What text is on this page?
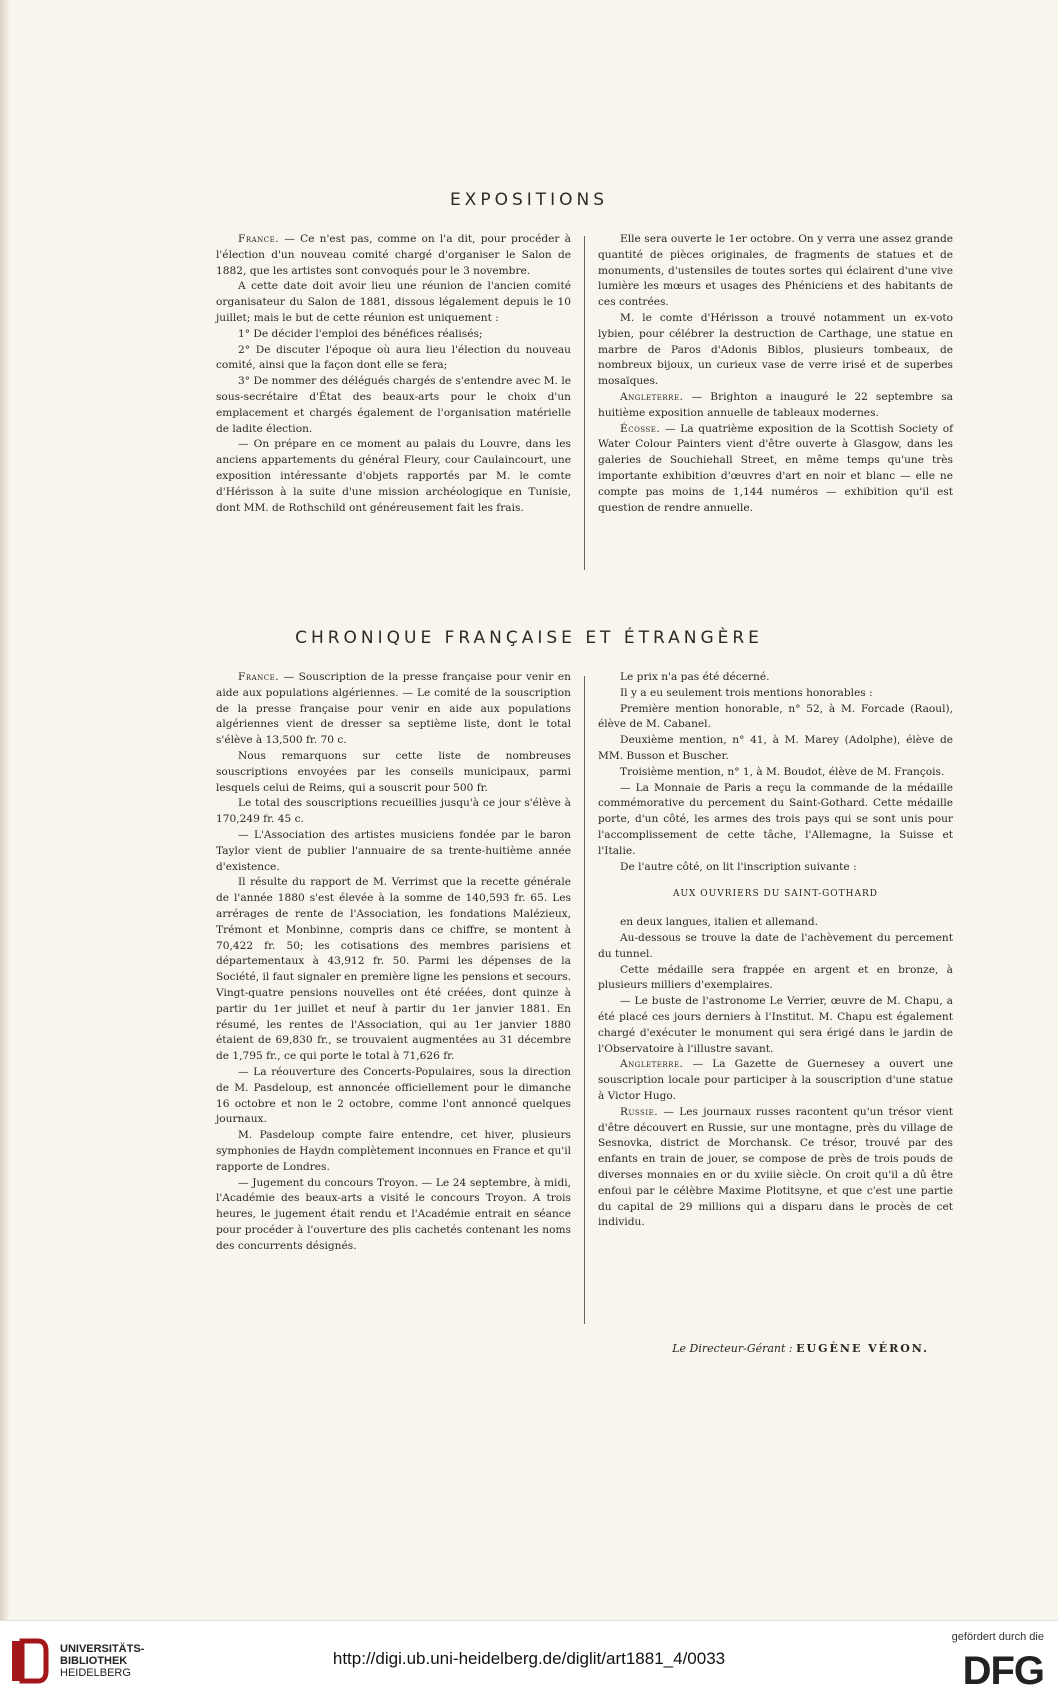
EXPOSITIONS

France. — Ce n'est pas, comme on l'a dit, pour procéder à l'élection d'un nouveau comité chargé d'organiser le Salon de 1882, que les artistes sont convoqués pour le 3 novembre.

A cette date doit avoir lieu une réunion de l'ancien comité organisateur du Salon de 1881, dissous légalement depuis le 10 juillet; mais le but de cette réunion est uniquement :

1° De décider l'emploi des bénéfices réalisés;

2° De discuter l'époque où aura lieu l'élection du nouveau comité, ainsi que la façon dont elle se fera;

3° De nommer des délégués chargés de s'entendre avec M. le sous-secrétaire d'État des beaux-arts pour le choix d'un emplacement et chargés également de l'organisation matérielle de ladite élection.

— On prépare en ce moment au palais du Louvre, dans les anciens appartements du général Fleury, cour Caulaincourt, une exposition intéressante d'objets rapportés par M. le comte d'Hérisson à la suite d'une mission archéologique en Tunisie, dont MM. de Rothschild ont généreusement fait les frais.

Elle sera ouverte le 1er octobre. On y verra une assez grande quantité de pièces originales, de fragments de statues et de monuments, d'ustensiles de toutes sortes qui éclairent d'une vive lumière les mœurs et usages des Phéniciens et des habitants de ces contrées.

M. le comte d'Hérisson a trouvé notamment un ex-voto lybien, pour célébrer la destruction de Carthage, une statue en marbre de Paros d'Adonis Biblos, plusieurs tombeaux, de nombreux bijoux, un curieux vase de verre irisé et de superbes mosaïques.

Angleterre. — Brighton a inauguré le 22 septembre sa huitième exposition annuelle de tableaux modernes.

Écosse. — La quatrième exposition de la Scottish Society of Water Colour Painters vient d'être ouverte à Glasgow, dans les galeries de Souchiehall Street, en même temps qu'une très importante exhibition d'œuvres d'art en noir et blanc — elle ne compte pas moins de 1,144 numéros — exhibition qu'il est question de rendre annuelle.

CHRONIQUE FRANÇAISE ET ÉTRANGÈRE

France. — Souscription de la presse française pour venir en aide aux populations algériennes. — Le comité de la souscription de la presse française pour venir en aide aux populations algériennes vient de dresser sa septième liste, dont le total s'élève à 13,500 fr. 70 c.

Nous remarquons sur cette liste de nombreuses souscriptions envoyées par les conseils municipaux, parmi lesquels celui de Reims, qui a souscrit pour 500 fr.

Le total des souscriptions recueillies jusqu'à ce jour s'élève à 170,249 fr. 45 c.

— L'Association des artistes musiciens fondée par le baron Taylor vient de publier l'annuaire de sa trente-huitième année d'existence.

Il résulte du rapport de M. Verrimst que la recette générale de l'année 1880 s'est élevée à la somme de 140,593 fr. 65. Les arrérages de rente de l'Association, les fondations Malézieux, Trémont et Monbinne, compris dans ce chiffre, se montent à 70,422 fr. 50; les cotisations des membres parisiens et départementaux à 43,912 fr. 50. Parmi les dépenses de la Société, il faut signaler en première ligne les pensions et secours. Vingt-quatre pensions nouvelles ont été créées, dont quinze à partir du 1er juillet et neuf à partir du 1er janvier 1881. En résumé, les rentes de l'Association, qui au 1er janvier 1880 étaient de 69,830 fr., se trouvaient augmentées au 31 décembre de 1,795 fr., ce qui porte le total à 71,626 fr.

— La réouverture des Concerts-Populaires, sous la direction de M. Pasdeloup, est annoncée officiellement pour le dimanche 16 octobre et non le 2 octobre, comme l'ont annoncé quelques journaux.

M. Pasdeloup compte faire entendre, cet hiver, plusieurs symphonies de Haydn complètement inconnues en France et qu'il rapporte de Londres.

— Jugement du concours Troyon. — Le 24 septembre, à midi, l'Académie des beaux-arts a visité le concours Troyon. A trois heures, le jugement était rendu et l'Académie entrait en séance pour procéder à l'ouverture des plis cachetés contenant les noms des concurrents désignés.

Le prix n'a pas été décerné.

Il y a eu seulement trois mentions honorables :

Première mention honorable, n° 52, à M. Forcade (Raoul), élève de M. Cabanel.

Deuxième mention, n° 41, à M. Marey (Adolphe), élève de MM. Busson et Buscher.

Troisième mention, n° 1, à M. Boudot, élève de M. François.

— La Monnaie de Paris a reçu la commande de la médaille commémorative du percement du Saint-Gothard. Cette médaille porte, d'un côté, les armes des trois pays qui se sont unis pour l'accomplissement de cette tâche, l'Allemagne, la Suisse et l'Italie.

De l'autre côté, on lit l'inscription suivante :

AUX OUVRIERS DU SAINT-GOTHARD

en deux langues, italien et allemand.

Au-dessous se trouve la date de l'achèvement du percement du tunnel.

Cette médaille sera frappée en argent et en bronze, à plusieurs milliers d'exemplaires.

— Le buste de l'astronome Le Verrier, œuvre de M. Chapu, a été placé ces jours derniers à l'Institut. M. Chapu est également chargé d'exécuter le monument qui sera érigé dans le jardin de l'Observatoire à l'illustre savant.

Angleterre. — La Gazette de Guernesey a ouvert une souscription locale pour participer à la souscription d'une statue à Victor Hugo.

Russie. — Les journaux russes racontent qu'un trésor vient d'être découvert en Russie, sur une montagne, près du village de Sesnovka, district de Morchansk. Ce trésor, trouvé par des enfants en train de jouer, se compose de près de trois pouds de diverses monnaies en or du xviiie siècle. On croit qu'il a dû être enfoui par le célèbre Maxime Plotitsyne, et que c'est une partie du capital de 29 millions qui a disparu dans le procès de cet individu.

Le Directeur-Gérant : EUGÈNE VÉRON.
UNIVERSITÄTS-
BIBLIOTHEK
HEIDELBERG
http://digi.ub.uni-heidelberg.de/diglit/art1881_4/0033
gefördert durch die
DFG
